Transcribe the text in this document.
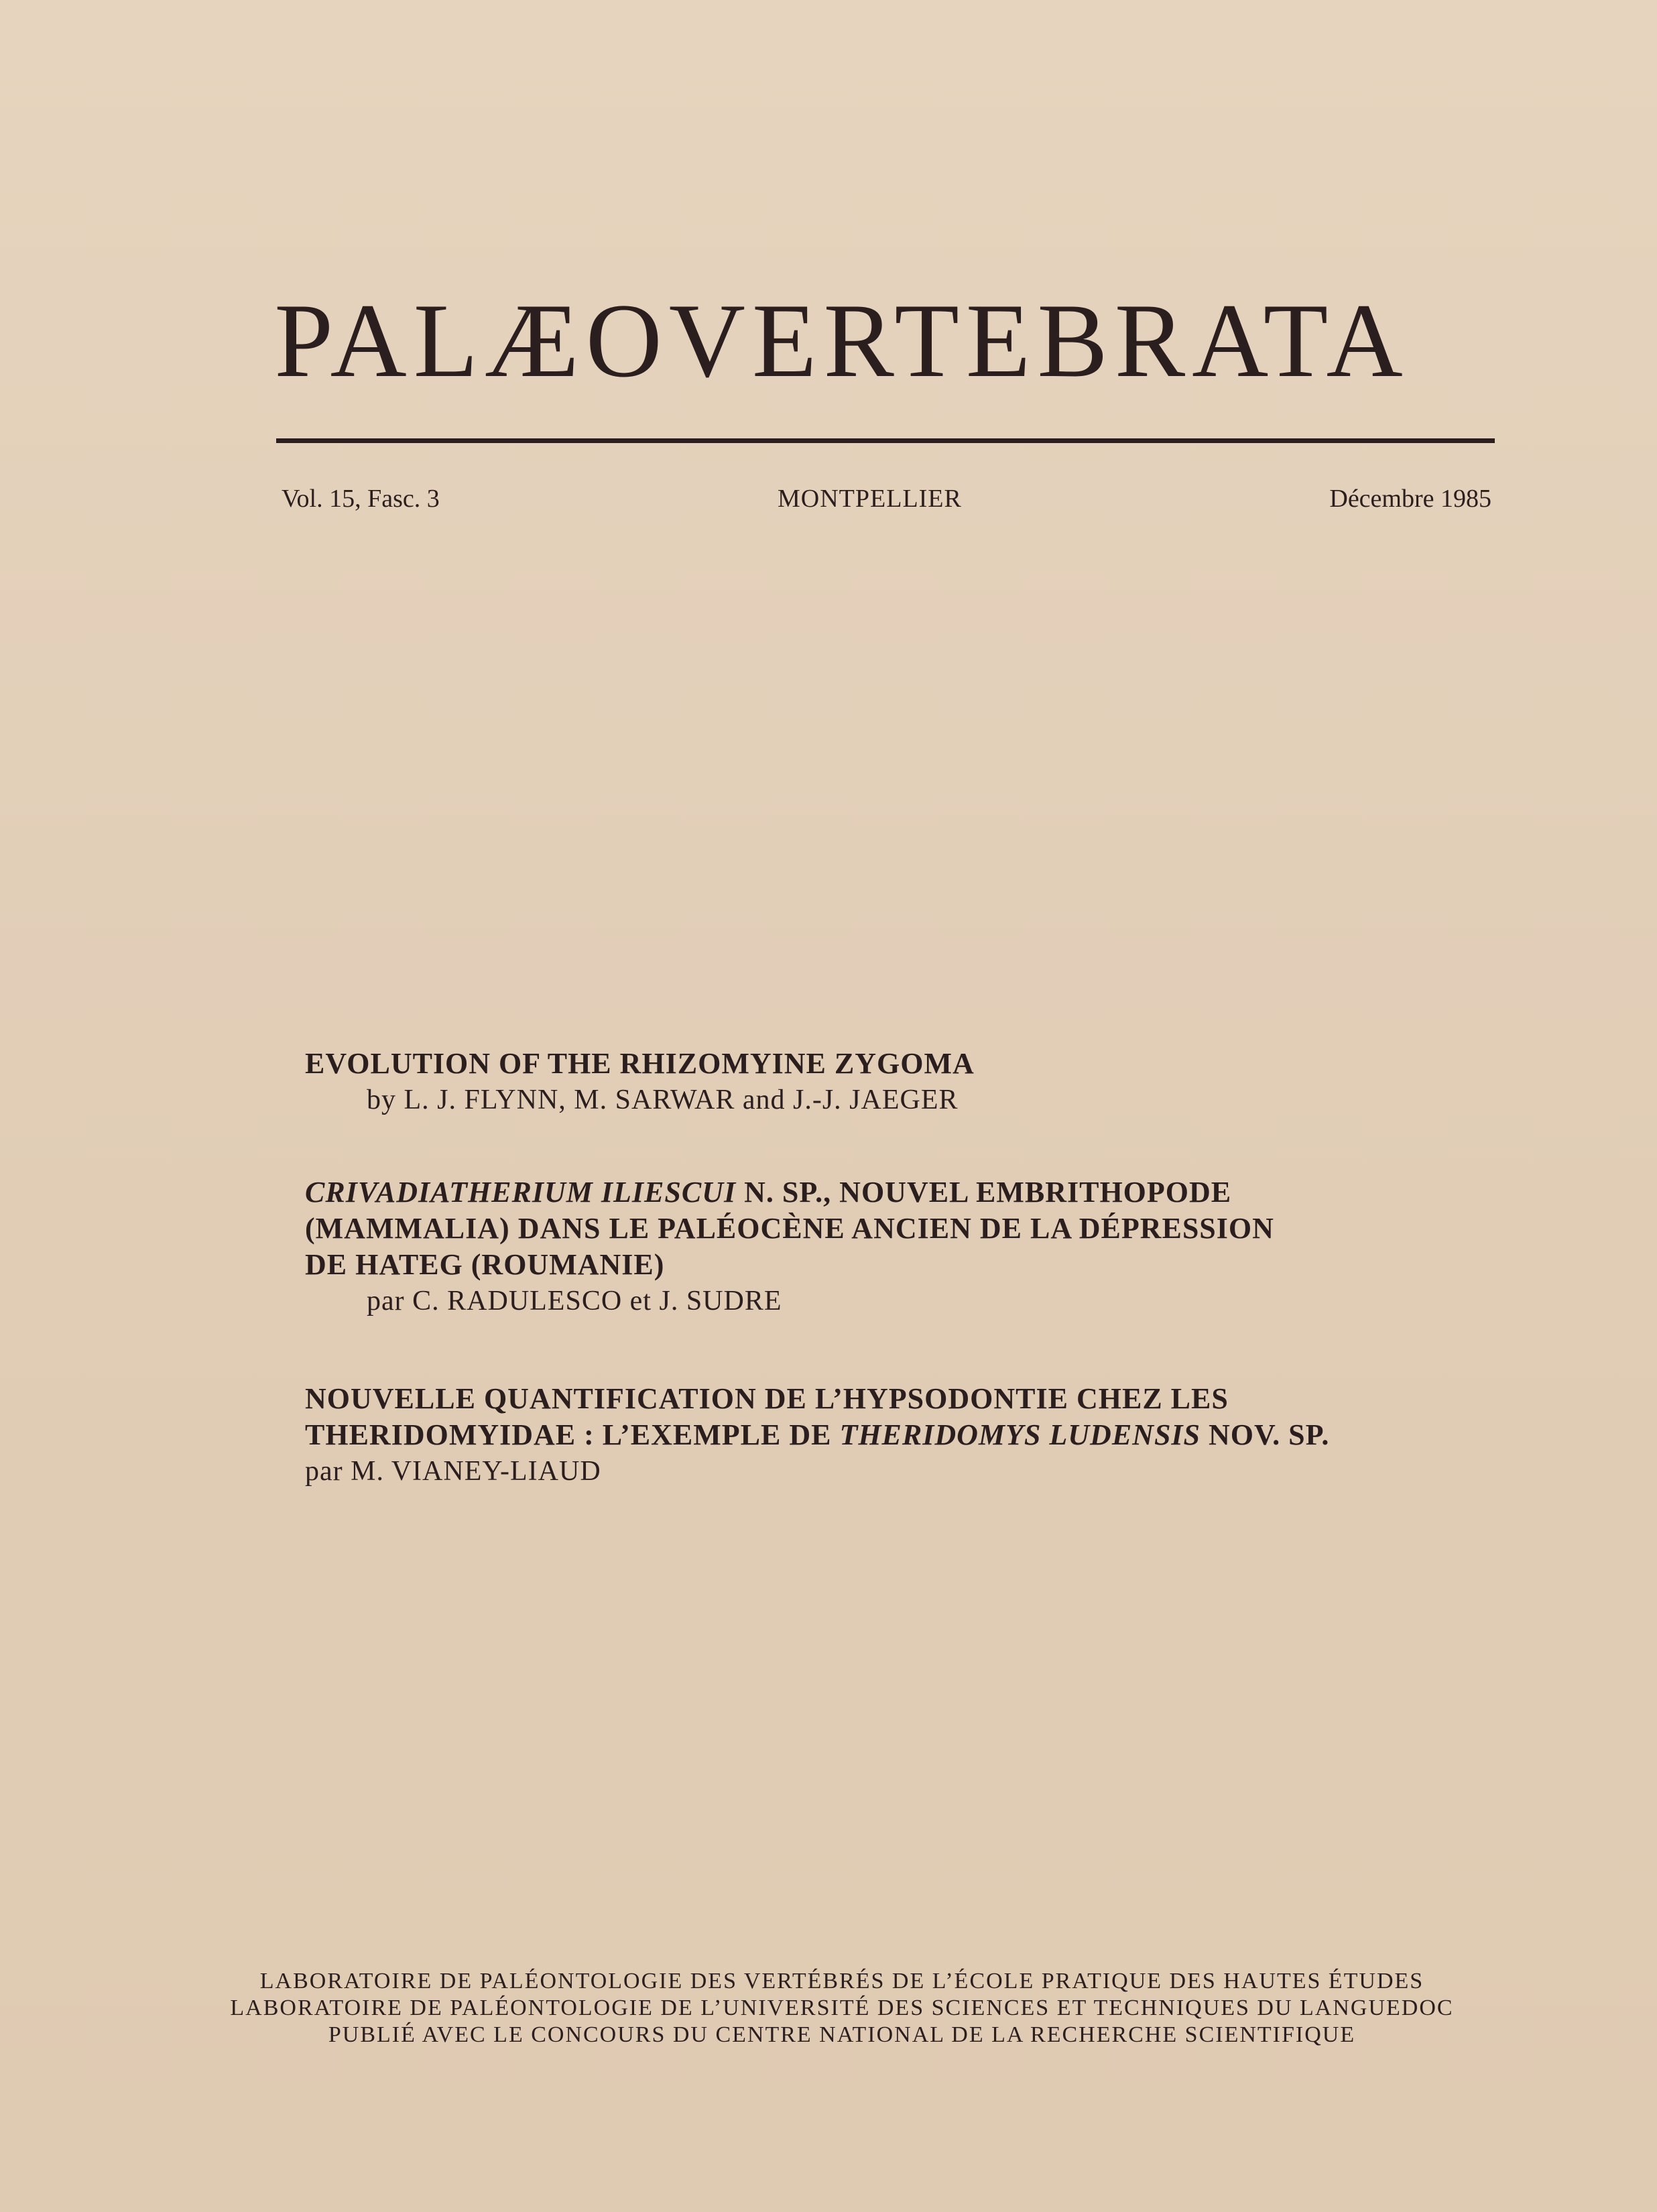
PALÆOVERTEBRATA
Vol. 15, Fasc. 3	MONTPELLIER	Décembre 1985
EVOLUTION OF THE RHIZOMYINE ZYGOMA
by L. J. FLYNN, M. SARWAR and J.-J. JAEGER
CRIVADIATHERIUM ILIESCUI N. SP., NOUVEL EMBRITHOPODE
(MAMMALIA) DANS LE PALÉOCÈNE ANCIEN DE LA DÉPRESSION
DE HATEG (ROUMANIE)
par C. RADULESCO et J. SUDRE
NOUVELLE QUANTIFICATION DE L’HYPSODONTIE CHEZ LES
THERIDOMYIDAE : L’EXEMPLE DE THERIDOMYS LUDENSIS NOV. SP.
par M. VIANEY-LIAUD
LABORATOIRE DE PALÉONTOLOGIE DES VERTÉBRÉS DE L’ÉCOLE PRATIQUE DES HAUTES ÉTUDES
LABORATOIRE DE PALÉONTOLOGIE DE L’UNIVERSITÉ DES SCIENCES ET TECHNIQUES DU LANGUEDOC
PUBLIÉ AVEC LE CONCOURS DU CENTRE NATIONAL DE LA RECHERCHE SCIENTIFIQUE
